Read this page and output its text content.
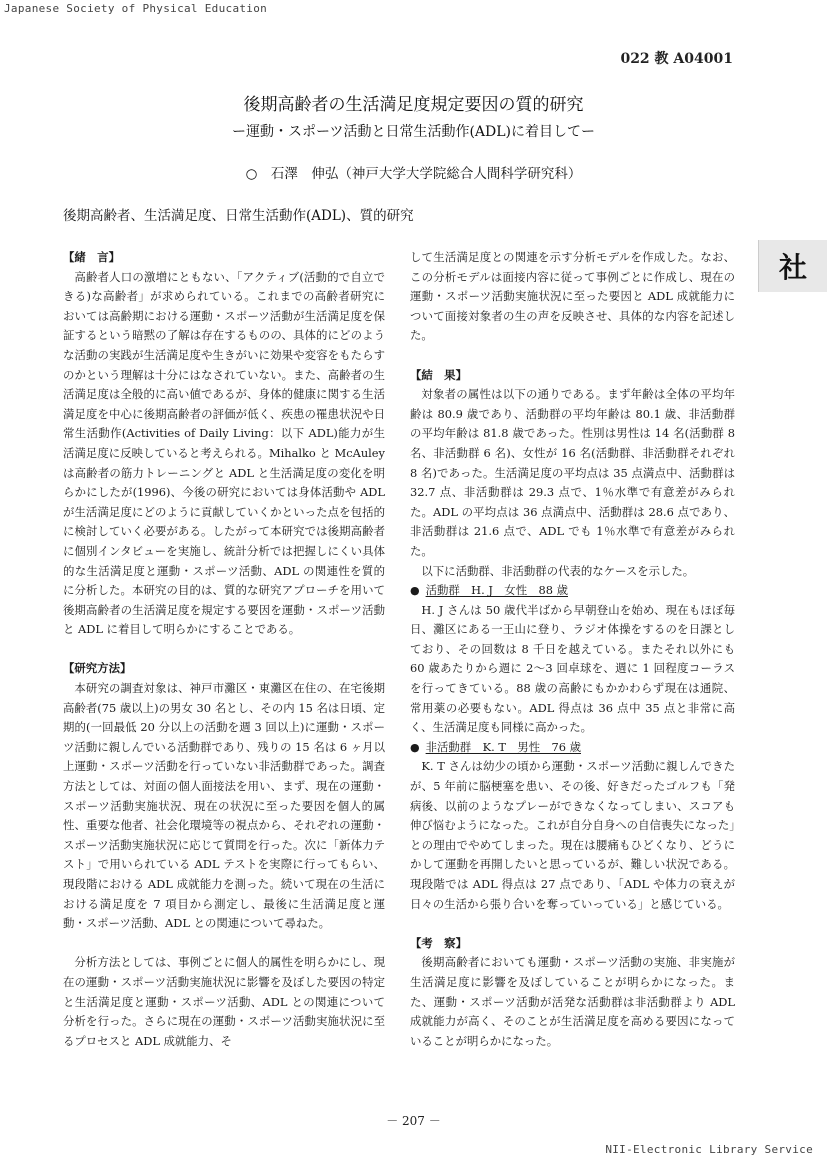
Japanese Society of Physical Education
022 教 A04001
後期高齢者の生活満足度規定要因の質的研究
ー運動・スポーツ活動と日常生活動作(ADL)に着目してー
○　石澤　伸弘（神戸大学大学院総合人間科学研究科）
後期高齢者、生活満足度、日常生活動作(ADL)、質的研究
社
【緒　言】

高齢者人口の激増にともない、「アクティブ(活動的で自立できる)な高齢者」が求められている。これまでの高齢者研究においては高齢期における運動・スポーツ活動が生活満足度を保証するという暗黙の了解は存在するものの、具体的にどのような活動の実践が生活満足度や生きがいに効果や変容をもたらすのかという理解は十分にはなされていない。また、高齢者の生活満足度は全般的に高い値であるが、身体的健康に関する生活満足度を中心に後期高齢者の評価が低く、疾患の罹患状況や日常生活動作(Activities of Daily Living：以下 ADL)能力が生活満足度に反映していると考えられる。Mihalko と McAuley は高齢者の筋力トレーニングと ADL と生活満足度の変化を明らかにしたが(1996)、今後の研究においては身体活動や ADL が生活満足度にどのように貢献していくかといった点を包括的に検討していく必要がある。したがって本研究では後期高齢者に個別インタビューを実施し、統計分析では把握しにくい具体的な生活満足度と運動・スポーツ活動、ADL の関連性を質的に分析した。本研究の目的は、質的な研究アプローチを用いて後期高齢者の生活満足度を規定する要因を運動・スポーツ活動と ADL に着目して明らかにすることである。

【研究方法】

本研究の調査対象は、神戸市灘区・東灘区在住の、在宅後期高齢者(75 歳以上)の男女 30 名とし、その内 15 名は日頃、定期的(一回最低 20 分以上の活動を週 3 回以上)に運動・スポーツ活動に親しんでいる活動群であり、残りの 15 名は 6 ヶ月以上運動・スポーツ活動を行っていない非活動群であった。調査方法としては、対面の個人面接法を用い、まず、現在の運動・スポーツ活動実施状況、現在の状況に至った要因を個人的属性、重要な他者、社会化環境等の視点から、それぞれの運動・スポーツ活動実施状況に応じて質問を行った。次に「新体力テスト」で用いられている ADL テストを実際に行ってもらい、現段階における ADL 成就能力を測った。続いて現在の生活における満足度を 7 項目から測定し、最後に生活満足度と運動・スポーツ活動、ADL との関連について尋ねた。

分析方法としては、事例ごとに個人的属性を明らかにし、現在の運動・スポーツ活動実施状況に影響を及ぼした要因の特定と生活満足度と運動・スポーツ活動、ADL との関連について分析を行った。さらに現在の運動・スポーツ活動実施状況に至るプロセスと ADL 成就能力、そ

して生活満足度との関連を示す分析モデルを作成した。なお、この分析モデルは面接内容に従って事例ごとに作成し、現在の運動・スポーツ活動実施状況に至った要因と ADL 成就能力について面接対象者の生の声を反映させ、具体的な内容を記述した。

【結　果】

対象者の属性は以下の通りである。まず年齢は全体の平均年齢は 80.9 歳であり、活動群の平均年齢は 80.1 歳、非活動群の平均年齢は 81.8 歳であった。性別は男性は 14 名(活動群 8 名、非活動群 6 名)、女性が 16 名(活動群、非活動群それぞれ 8 名)であった。生活満足度の平均点は 35 点満点中、活動群は 32.7 点、非活動群は 29.3 点で、1％水準で有意差がみられた。ADL の平均点は 36 点満点中、活動群は 28.6 点であり、非活動群は 21.6 点で、ADL でも 1％水準で有意差がみられた。

以下に活動群、非活動群の代表的なケースを示した。

● 活動群　H. J　女性　88 歳

H. J さんは 50 歳代半ばから早朝登山を始め、現在もほぼ毎日、灘区にある一王山に登り、ラジオ体操をするのを日課としており、その回数は 8 千日を越えている。またそれ以外にも 60 歳あたりから週に 2～3 回卓球を、週に 1 回程度コーラスを行ってきている。88 歳の高齢にもかかわらず現在は通院、常用薬の必要もない。ADL 得点は 36 点中 35 点と非常に高く、生活満足度も同様に高かった。

● 非活動群　K. T　男性　76 歳

K. T さんは幼少の頃から運動・スポーツ活動に親しんできたが、5 年前に脳梗塞を患い、その後、好きだったゴルフも「発病後、以前のようなプレーができなくなってしまい、スコアも伸び悩むようになった。これが自分自身への自信喪失になった」との理由でやめてしまった。現在は腰痛もひどくなり、どうにかして運動を再開したいと思っているが、難しい状況である。現段階では ADL 得点は 27 点であり、「ADL や体力の衰えが日々の生活から張り合いを奪っていっている」と感じている。

【考　察】

後期高齢者においても運動・スポーツ活動の実施、非実施が生活満足度に影響を及ぼしていることが明らかになった。また、運動・スポーツ活動が活発な活動群は非活動群より ADL 成就能力が高く、そのことが生活満足度を高める要因になっていることが明らかになった。

－ 207 －
NII-Electronic Library Service
